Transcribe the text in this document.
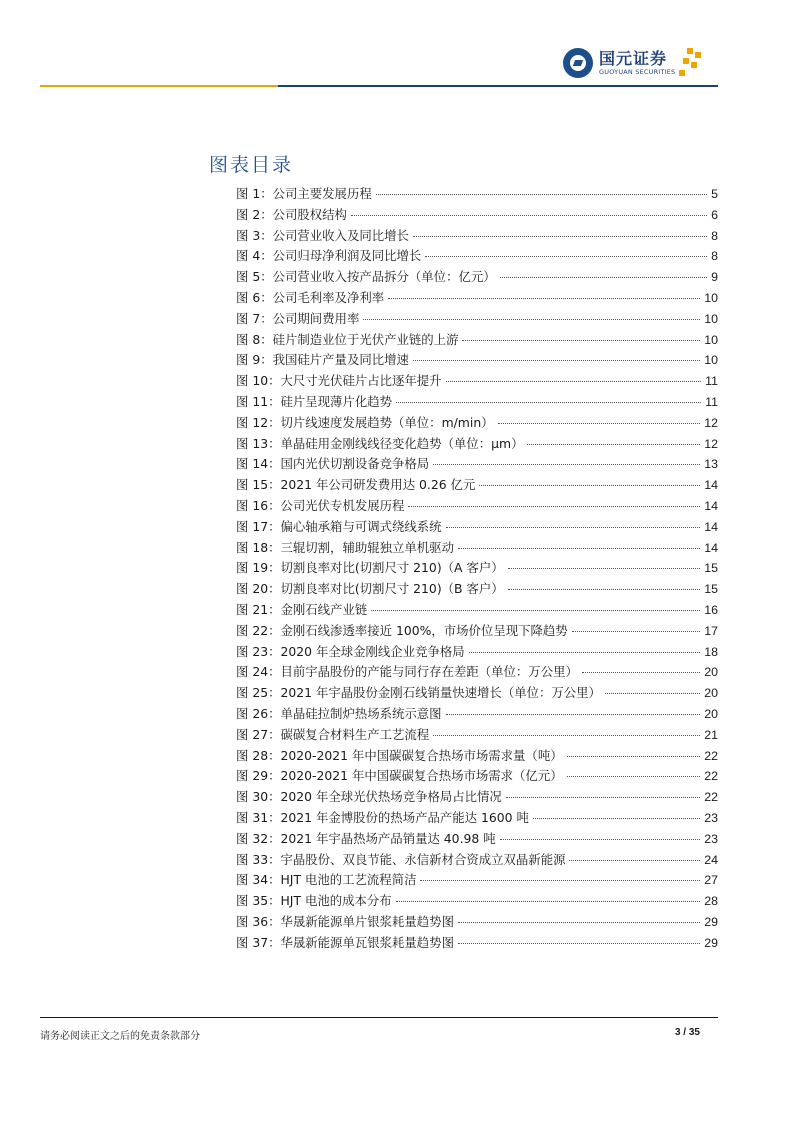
国元证券
GUOYUAN SECURITIES
图表目录
图 1：公司主要发展历程	5
图 2：公司股权结构	6
图 3：公司营业收入及同比增长	8
图 4：公司归母净利润及同比增长	8
图 5：公司营业收入按产品拆分（单位：亿元）	9
图 6：公司毛利率及净利率	10
图 7：公司期间费用率	10
图 8：硅片制造业位于光伏产业链的上游	10
图 9：我国硅片产量及同比增速	10
图 10：大尺寸光伏硅片占比逐年提升	11
图 11：硅片呈现薄片化趋势	11
图 12：切片线速度发展趋势（单位：m/min）	12
图 13：单晶硅用金刚线线径变化趋势（单位：μm）	12
图 14：国内光伏切割设备竞争格局	13
图 15：2021 年公司研发费用达 0.26 亿元	14
图 16：公司光伏专机发展历程	14
图 17：偏心轴承箱与可调式绕线系统	14
图 18：三辊切割，辅助辊独立单机驱动	14
图 19：切割良率对比(切割尺寸 210)（A 客户）	15
图 20：切割良率对比(切割尺寸 210)（B 客户）	15
图 21：金刚石线产业链	16
图 22：金刚石线渗透率接近 100%，市场价位呈现下降趋势	17
图 23：2020 年全球金刚线企业竞争格局	18
图 24：目前宇晶股份的产能与同行存在差距（单位：万公里）	20
图 25：2021 年宇晶股份金刚石线销量快速增长（单位：万公里）	20
图 26：单晶硅拉制炉热场系统示意图	20
图 27：碳碳复合材料生产工艺流程	21
图 28：2020-2021 年中国碳碳复合热场市场需求量（吨）	22
图 29：2020-2021 年中国碳碳复合热场市场需求（亿元）	22
图 30：2020 年全球光伏热场竞争格局占比情况	22
图 31：2021 年金博股份的热场产品产能达 1600 吨	23
图 32：2021 年宇晶热场产品销量达 40.98 吨	23
图 33：宇晶股份、双良节能、永信新材合资成立双晶新能源	24
图 34：HJT 电池的工艺流程简洁	27
图 35：HJT 电池的成本分布	28
图 36：华晟新能源单片银浆耗量趋势图	29
图 37：华晟新能源单瓦银浆耗量趋势图	29
请务必阅读正文之后的免责条款部分	3 / 35
